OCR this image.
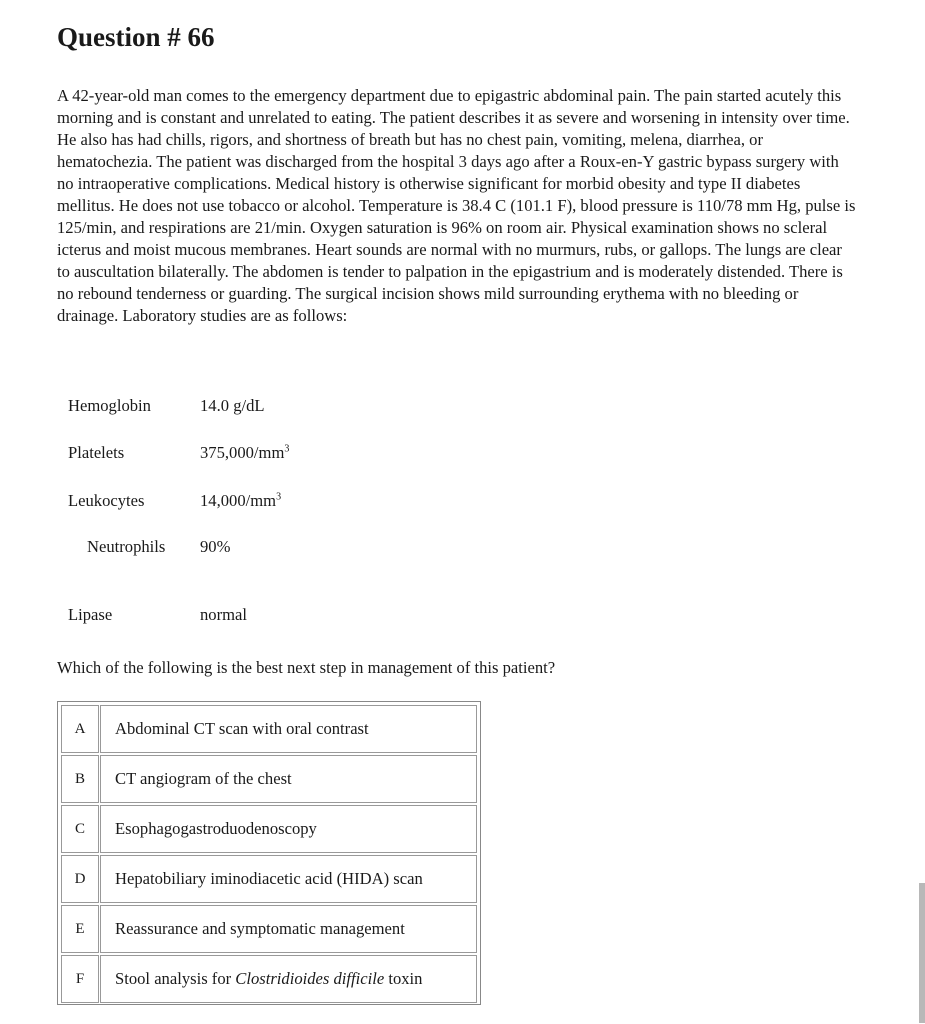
Question # 66

A 42-year-old man comes to the emergency department due to epigastric abdominal pain. The pain started acutely this morning and is constant and unrelated to eating. The patient describes it as severe and worsening in intensity over time. He also has had chills, rigors, and shortness of breath but has no chest pain, vomiting, melena, diarrhea, or hematochezia. The patient was discharged from the hospital 3 days ago after a Roux-en-Y gastric bypass surgery with no intraoperative complications. Medical history is otherwise significant for morbid obesity and type II diabetes mellitus. He does not use tobacco or alcohol. Temperature is 38.4 C (101.1 F), blood pressure is 110/78 mm Hg, pulse is 125/min, and respirations are 21/min. Oxygen saturation is 96% on room air. Physical examination shows no scleral icterus and moist mucous membranes. Heart sounds are normal with no murmurs, rubs, or gallops. The lungs are clear to auscultation bilaterally. The abdomen is tender to palpation in the epigastrium and is moderately distended. There is no rebound tenderness or guarding. The surgical incision shows mild surrounding erythema with no bleeding or drainage. Laboratory studies are as follows:

Hemoglobin	14.0 g/dL
Platelets	$375,000/mm^3$
Leukocytes	$14,000/mm^3$
Neutrophils 90%
Lipase	normal

Which of the following is the best next step in management of this patient?

A	Abdominal CT scan with oral contrast
B	CT angiogram of the chest
C	Esophagogastroduodenoscopy
D	Hepatobiliary iminodiacetic acid (HIDA) scan
E	Reassurance and symptomatic management
F	Stool analysis for Clostridioides difficile toxin
